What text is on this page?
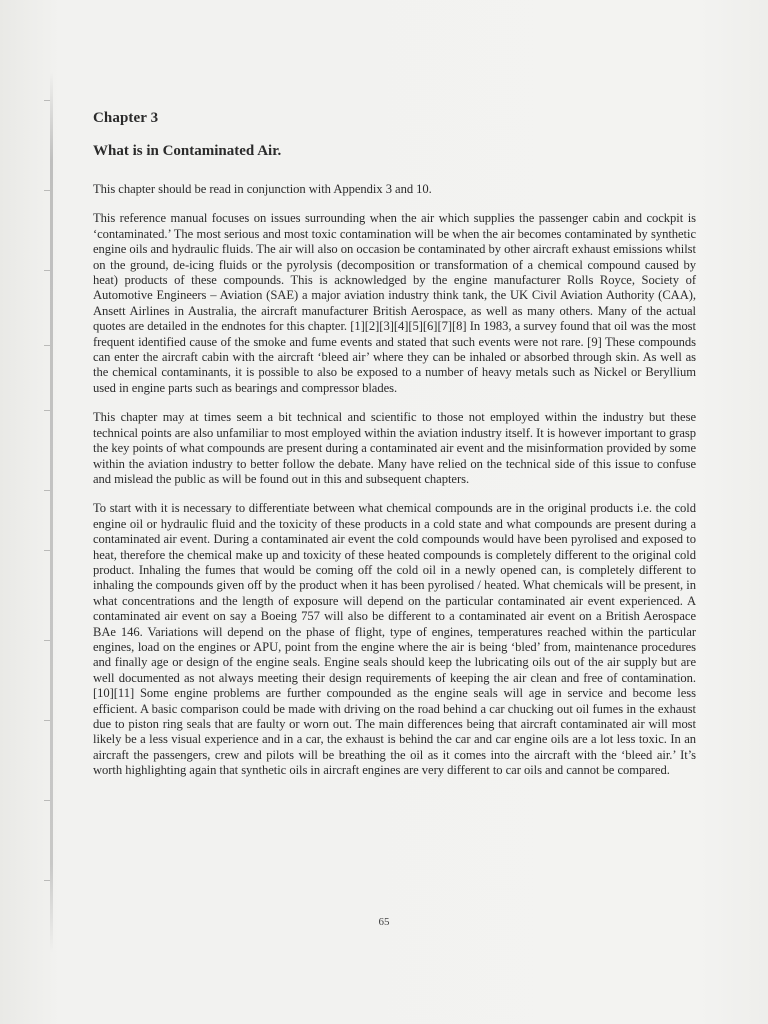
Chapter 3
What is in Contaminated Air.

This chapter should be read in conjunction with Appendix 3 and 10.

This reference manual focuses on issues surrounding when the air which supplies the passenger cabin and cockpit is ‘contaminated.’ The most serious and most toxic contamination will be when the air becomes contaminated by synthetic engine oils and hydraulic fluids. The air will also on occasion be contaminated by other aircraft exhaust emissions whilst on the ground, de-icing fluids or the pyrolysis (decomposition or transformation of a chemical compound caused by heat) products of these compounds. This is acknowledged by the engine manufacturer Rolls Royce, Society of Automotive Engineers – Aviation (SAE) a major aviation industry think tank, the UK Civil Aviation Authority (CAA), Ansett Airlines in Australia, the aircraft manufacturer British Aerospace, as well as many others. Many of the actual quotes are detailed in the endnotes for this chapter. [1][2][3][4][5][6][7][8] In 1983, a survey found that oil was the most frequent identified cause of the smoke and fume events and stated that such events were not rare. [9] These compounds can enter the aircraft cabin with the aircraft ‘bleed air’ where they can be inhaled or absorbed through skin. As well as the chemical contaminants, it is possible to also be exposed to a number of heavy metals such as Nickel or Beryllium used in engine parts such as bearings and compressor blades.

This chapter may at times seem a bit technical and scientific to those not employed within the industry but these technical points are also unfamiliar to most employed within the aviation industry itself. It is however important to grasp the key points of what compounds are present during a contaminated air event and the misinformation provided by some within the aviation industry to better follow the debate. Many have relied on the technical side of this issue to confuse and mislead the public as will be found out in this and subsequent chapters.

To start with it is necessary to differentiate between what chemical compounds are in the original products i.e. the cold engine oil or hydraulic fluid and the toxicity of these products in a cold state and what compounds are present during a contaminated air event. During a contaminated air event the cold compounds would have been pyrolised and exposed to heat, therefore the chemical make up and toxicity of these heated compounds is completely different to the original cold product. Inhaling the fumes that would be coming off the cold oil in a newly opened can, is completely different to inhaling the compounds given off by the product when it has been pyrolised / heated. What chemicals will be present, in what concentrations and the length of exposure will depend on the particular contaminated air event experienced. A contaminated air event on say a Boeing 757 will also be different to a contaminated air event on a British Aerospace BAe 146. Variations will depend on the phase of flight, type of engines, temperatures reached within the particular engines, load on the engines or APU, point from the engine where the air is being ‘bled’ from, maintenance procedures and finally age or design of the engine seals. Engine seals should keep the lubricating oils out of the air supply but are well documented as not always meeting their design requirements of keeping the air clean and free of contamination. [10][11] Some engine problems are further compounded as the engine seals will age in service and become less efficient. A basic comparison could be made with driving on the road behind a car chucking out oil fumes in the exhaust due to piston ring seals that are faulty or worn out. The main differences being that aircraft contaminated air will most likely be a less visual experience and in a car, the exhaust is behind the car and car engine oils are a lot less toxic. In an aircraft the passengers, crew and pilots will be breathing the oil as it comes into the aircraft with the ‘bleed air.’ It’s worth highlighting again that synthetic oils in aircraft engines are very different to car oils and cannot be compared.

65
